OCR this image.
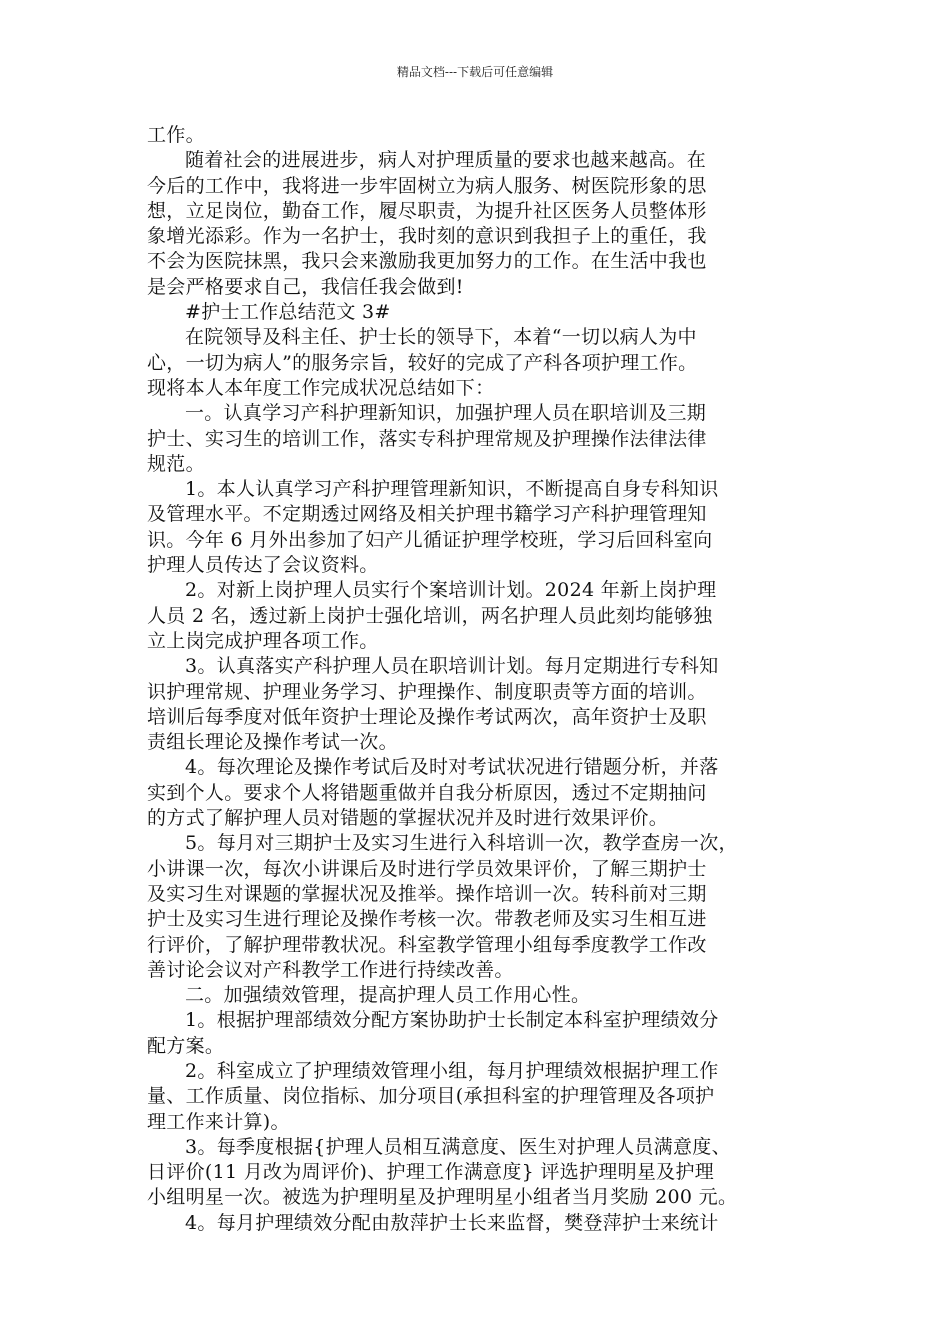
精品文档---下载后可任意编辑
工作。
随着社会的进展进步，病人对护理质量的要求也越来越高。在
今后的工作中，我将进一步牢固树立为病人服务、树医院形象的思
想，立足岗位，勤奋工作，履尽职责，为提升社区医务人员整体形
象增光添彩。作为一名护士，我时刻的意识到我担子上的重任，我
不会为医院抹黑，我只会来激励我更加努力的工作。在生活中我也
是会严格要求自己，我信任我会做到!
#护士工作总结范文 3#
在院领导及科主任、护士长的领导下，本着“一切以病人为中
心，一切为病人”的服务宗旨，较好的完成了产科各项护理工作。
现将本人本年度工作完成状况总结如下：
一。认真学习产科护理新知识，加强护理人员在职培训及三期
护士、实习生的培训工作，落实专科护理常规及护理操作法律法律
规范。
1。本人认真学习产科护理管理新知识，不断提高自身专科知识
及管理水平。不定期透过网络及相关护理书籍学习产科护理管理知
识。今年 6 月外出参加了妇产儿循证护理学校班，学习后回科室向
护理人员传达了会议资料。
2。对新上岗护理人员实行个案培训计划。2024 年新上岗护理
人员 2 名，透过新上岗护士强化培训，两名护理人员此刻均能够独
立上岗完成护理各项工作。
3。认真落实产科护理人员在职培训计划。每月定期进行专科知
识护理常规、护理业务学习、护理操作、制度职责等方面的培训。
培训后每季度对低年资护士理论及操作考试两次，高年资护士及职
责组长理论及操作考试一次。
4。每次理论及操作考试后及时对考试状况进行错题分析，并落
实到个人。要求个人将错题重做并自我分析原因，透过不定期抽问
的方式了解护理人员对错题的掌握状况并及时进行效果评价。
5。每月对三期护士及实习生进行入科培训一次，教学查房一次，
小讲课一次，每次小讲课后及时进行学员效果评价，了解三期护士
及实习生对课题的掌握状况及推举。操作培训一次。转科前对三期
护士及实习生进行理论及操作考核一次。带教老师及实习生相互进
行评价，了解护理带教状况。科室教学管理小组每季度教学工作改
善讨论会议对产科教学工作进行持续改善。
二。加强绩效管理，提高护理人员工作用心性。
1。根据护理部绩效分配方案协助护士长制定本科室护理绩效分
配方案。
2。科室成立了护理绩效管理小组，每月护理绩效根据护理工作
量、工作质量、岗位指标、加分项目(承担科室的护理管理及各项护
理工作来计算)。
3。每季度根据{护理人员相互满意度、医生对护理人员满意度、
日评价(11 月改为周评价)、护理工作满意度} 评选护理明星及护理
小组明星一次。被选为护理明星及护理明星小组者当月奖励 200 元。
4。每月护理绩效分配由敖萍护士长来监督，樊登萍护士来统计
